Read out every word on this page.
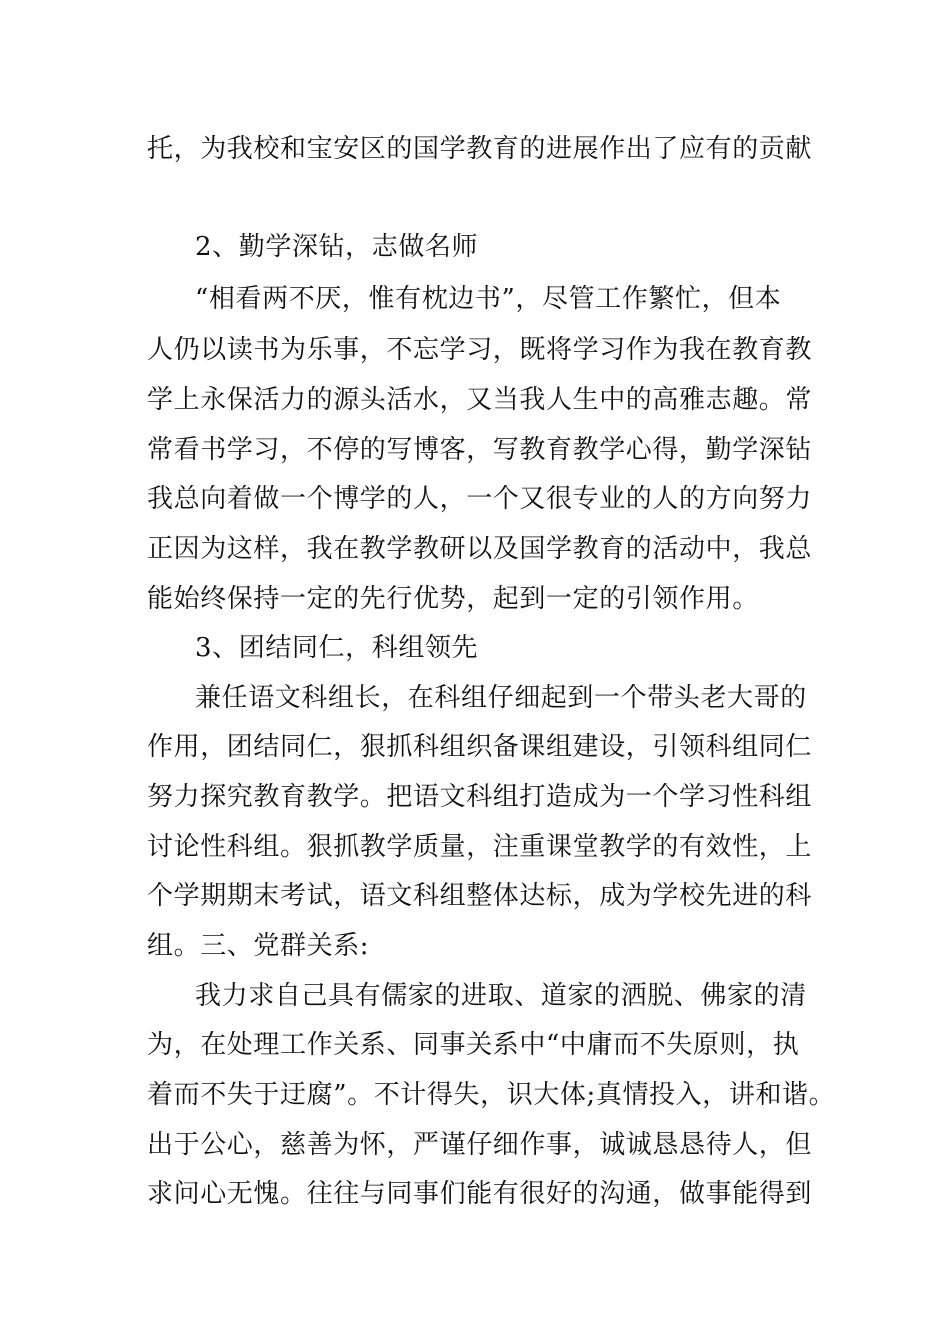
托，为我校和宝安区的国学教育的进展作出了应有的贡献
2、勤学深钻，志做名师
“相看两不厌，惟有枕边书”，尽管工作繁忙，但本
人仍以读书为乐事，不忘学习，既将学习作为我在教育教
学上永保活力的源头活水，又当我人生中的高雅志趣。常
常看书学习，不停的写博客，写教育教学心得，勤学深钻
我总向着做一个博学的人，一个又很专业的人的方向努力
正因为这样，我在教学教研以及国学教育的活动中，我总
能始终保持一定的先行优势，起到一定的引领作用。
3、团结同仁，科组领先
兼任语文科组长，在科组仔细起到一个带头老大哥的
作用，团结同仁，狠抓科组织备课组建设，引领科组同仁
努力探究教育教学。把语文科组打造成为一个学习性科组
讨论性科组。狠抓教学质量，注重课堂教学的有效性，上
个学期期末考试，语文科组整体达标，成为学校先进的科
组。三、党群关系:
我力求自己具有儒家的进取、道家的洒脱、佛家的清
为，在处理工作关系、同事关系中“中庸而不失原则，执
着而不失于迂腐”。不计得失，识大体;真情投入，讲和谐。
出于公心，慈善为怀，严谨仔细作事，诚诚恳恳待人，但
求问心无愧。往往与同事们能有很好的沟通，做事能得到
